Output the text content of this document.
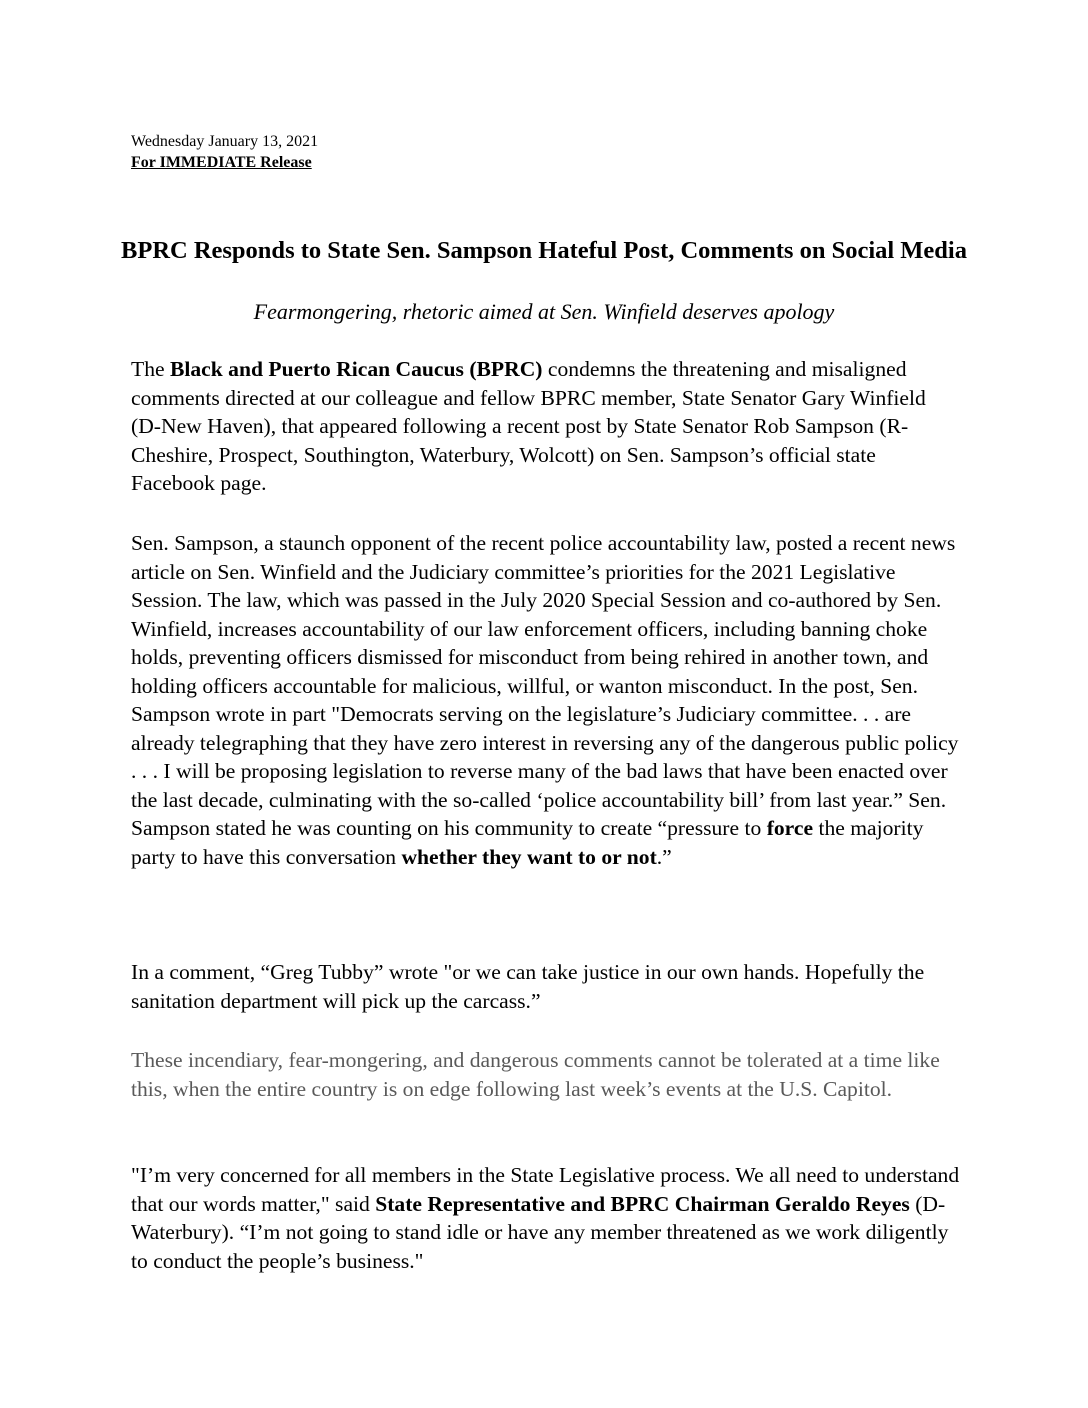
Wednesday January 13, 2021
For IMMEDIATE Release
BPRC Responds to State Sen. Sampson Hateful Post, Comments on Social Media
Fearmongering, rhetoric aimed at Sen. Winfield deserves apology

The Black and Puerto Rican Caucus (BPRC) condemns the threatening and misaligned comments directed at our colleague and fellow BPRC member, State Senator Gary Winfield (D-New Haven), that appeared following a recent post by State Senator Rob Sampson (R-Cheshire, Prospect, Southington, Waterbury, Wolcott) on Sen. Sampson’s official state Facebook page.

Sen. Sampson, a staunch opponent of the recent police accountability law, posted a recent news article on Sen. Winfield and the Judiciary committee’s priorities for the 2021 Legislative Session. The law, which was passed in the July 2020 Special Session and co-authored by Sen. Winfield, increases accountability of our law enforcement officers, including banning choke holds, preventing officers dismissed for misconduct from being rehired in another town, and holding officers accountable for malicious, willful, or wanton misconduct. In the post, Sen. Sampson wrote in part "Democrats serving on the legislature’s Judiciary committee. . . are already telegraphing that they have zero interest in reversing any of the dangerous public policy . . . I will be proposing legislation to reverse many of the bad laws that have been enacted over the last decade, culminating with the so-called ‘police accountability bill’ from last year.” Sen. Sampson stated he was counting on his community to create “pressure to force the majority party to have this conversation whether they want to or not.”

In a comment, “Greg Tubby” wrote "or we can take justice in our own hands. Hopefully the sanitation department will pick up the carcass.”

These incendiary, fear-mongering, and dangerous comments cannot be tolerated at a time like this, when the entire country is on edge following last week’s events at the U.S. Capitol.

"I’m very concerned for all members in the State Legislative process. We all need to understand that our words matter," said State Representative and BPRC Chairman Geraldo Reyes (D-Waterbury). “I’m not going to stand idle or have any member threatened as we work diligently to conduct the people’s business."
